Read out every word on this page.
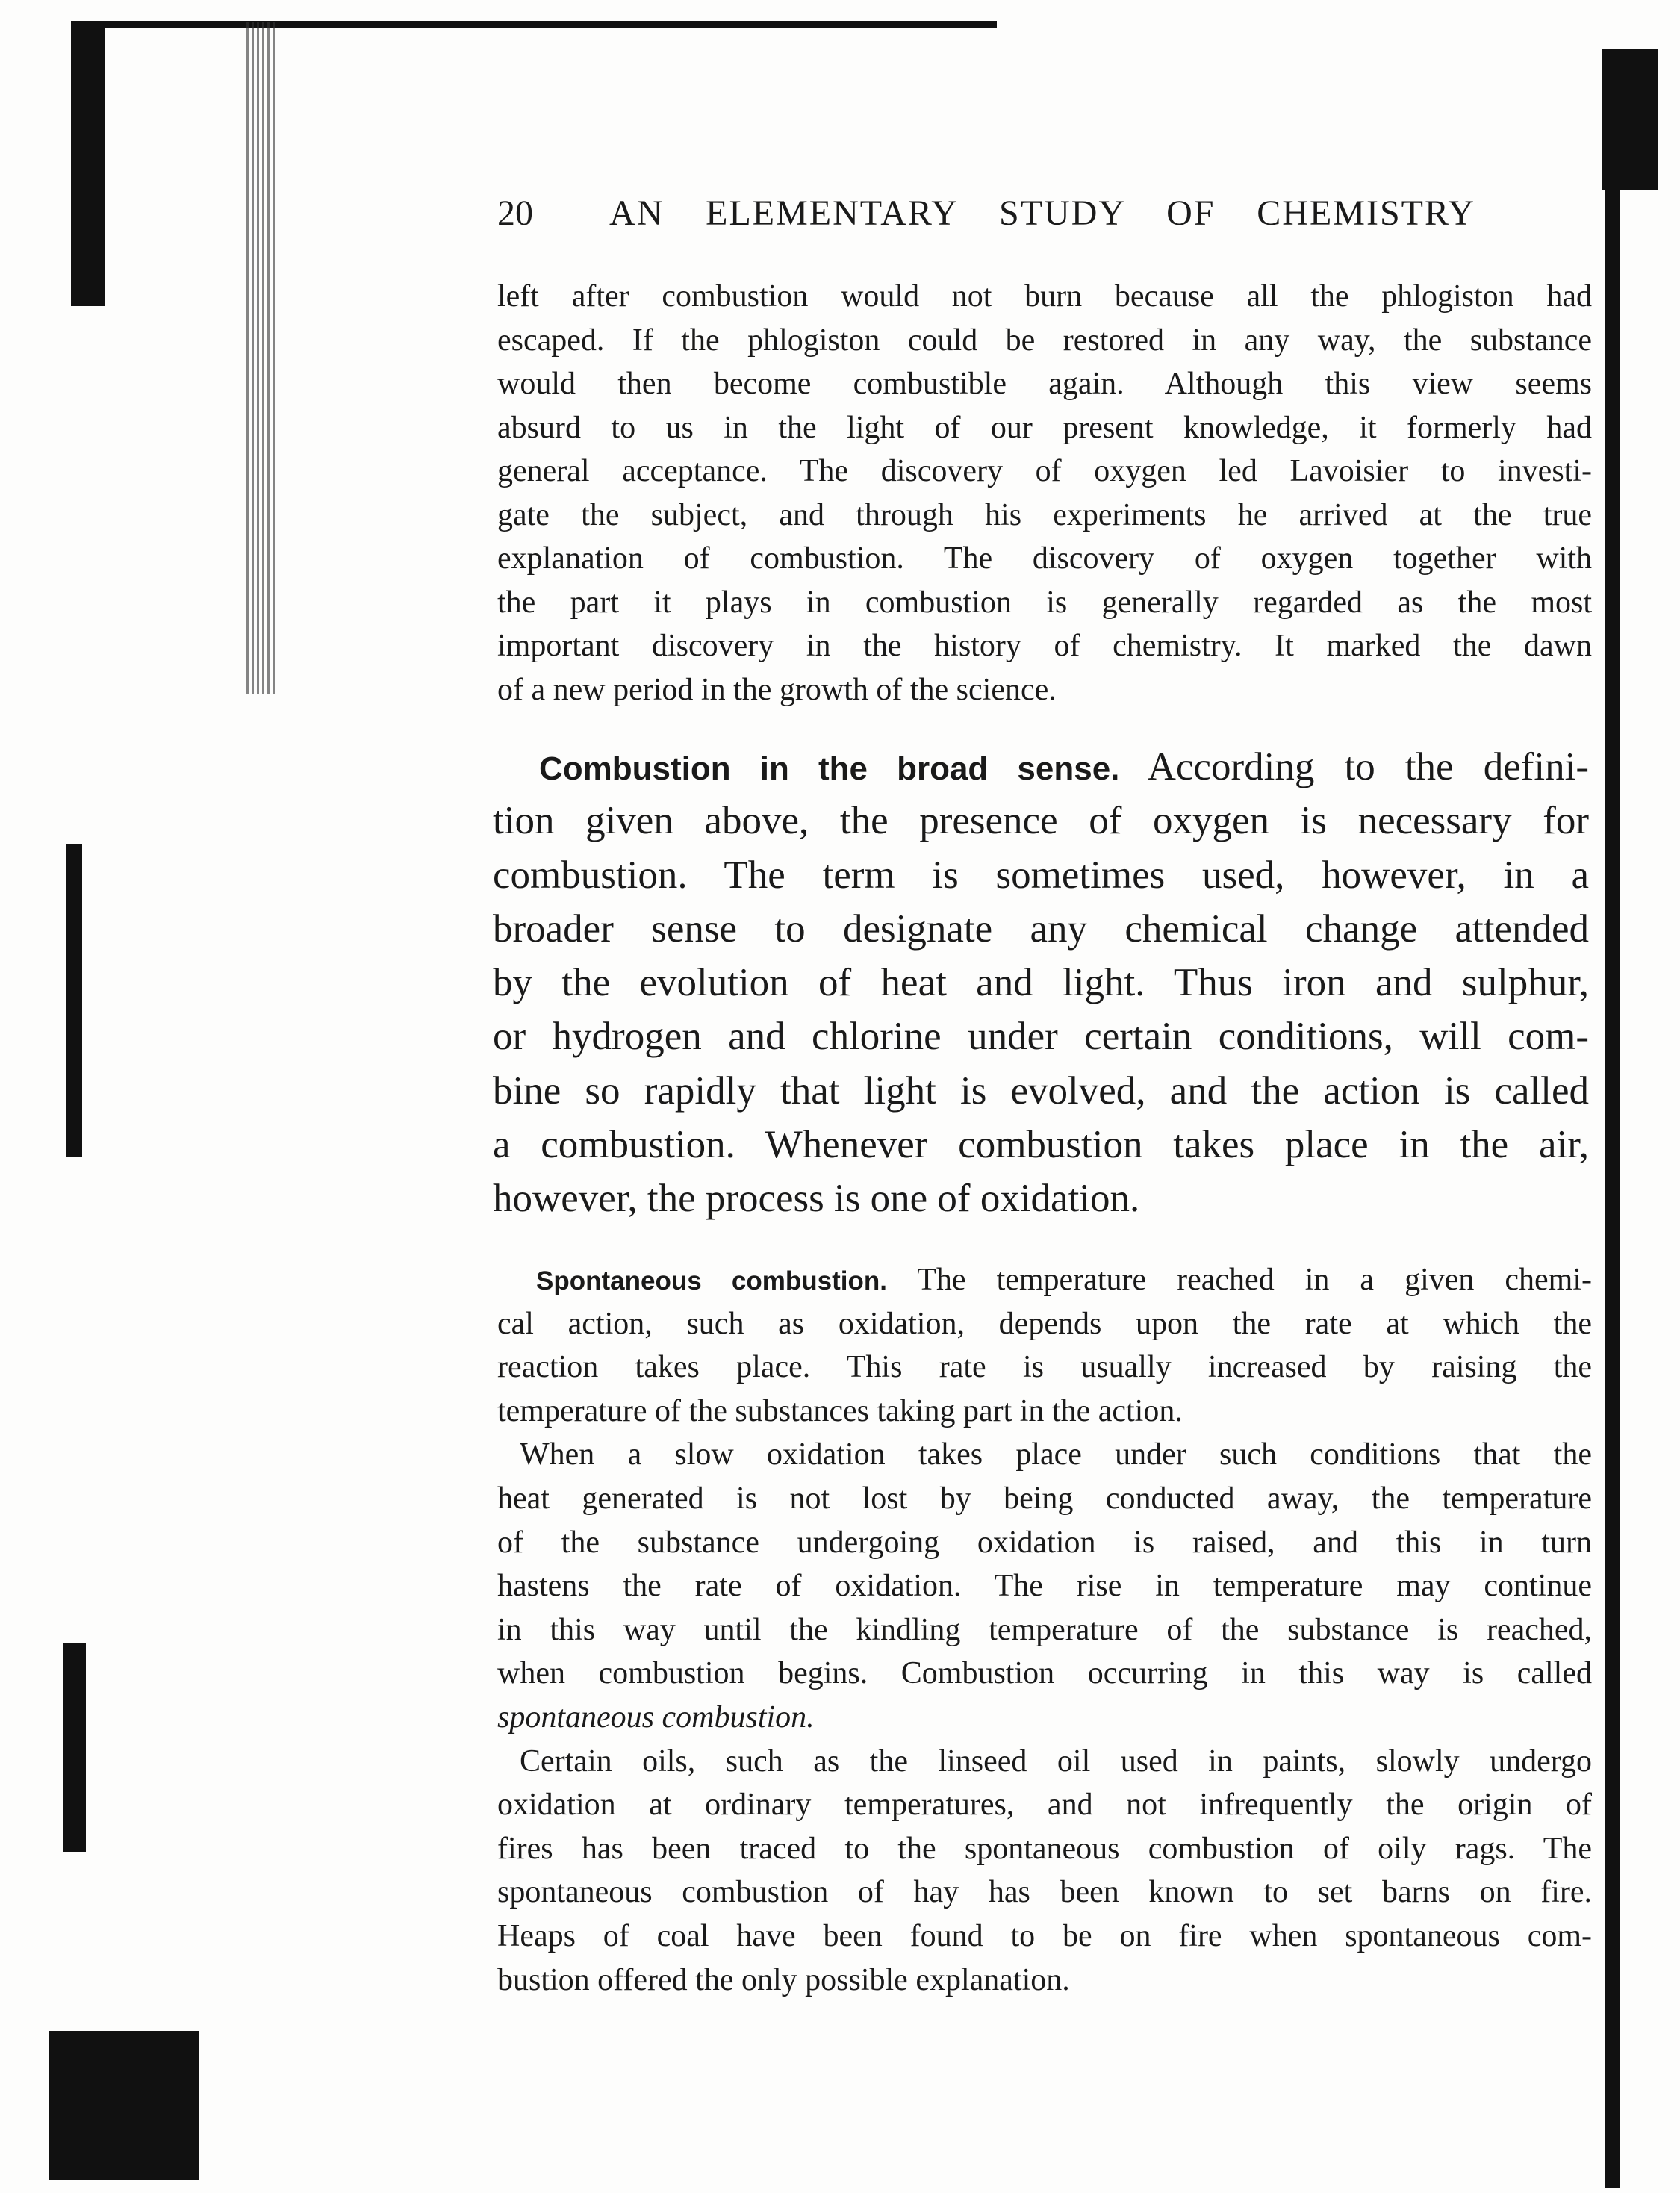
20	AN ELEMENTARY STUDY OF CHEMISTRY
left after combustion would not burn because all the phlogiston had
escaped. If the phlogiston could be restored in any way, the substance
would then become combustible again. Although this view seems
absurd to us in the light of our present knowledge, it formerly had
general acceptance. The discovery of oxygen led Lavoisier to investi-
gate the subject, and through his experiments he arrived at the true
explanation of combustion. The discovery of oxygen together with
the part it plays in combustion is generally regarded as the most
important discovery in the history of chemistry. It marked the dawn
of a new period in the growth of the science.
Combustion in the broad sense. According to the defini-
tion given above, the presence of oxygen is necessary for
combustion. The term is sometimes used, however, in a
broader sense to designate any chemical change attended
by the evolution of heat and light. Thus iron and sulphur,
or hydrogen and chlorine under certain conditions, will com-
bine so rapidly that light is evolved, and the action is called
a combustion. Whenever combustion takes place in the air,
however, the process is one of oxidation.
Spontaneous combustion. The temperature reached in a given chemi-
cal action, such as oxidation, depends upon the rate at which the
reaction takes place. This rate is usually increased by raising the
temperature of the substances taking part in the action.
When a slow oxidation takes place under such conditions that the
heat generated is not lost by being conducted away, the temperature
of the substance undergoing oxidation is raised, and this in turn
hastens the rate of oxidation. The rise in temperature may continue
in this way until the kindling temperature of the substance is reached,
when combustion begins. Combustion occurring in this way is called
spontaneous combustion.
Certain oils, such as the linseed oil used in paints, slowly undergo
oxidation at ordinary temperatures, and not infrequently the origin of
fires has been traced to the spontaneous combustion of oily rags. The
spontaneous combustion of hay has been known to set barns on fire.
Heaps of coal have been found to be on fire when spontaneous com-
bustion offered the only possible explanation.
